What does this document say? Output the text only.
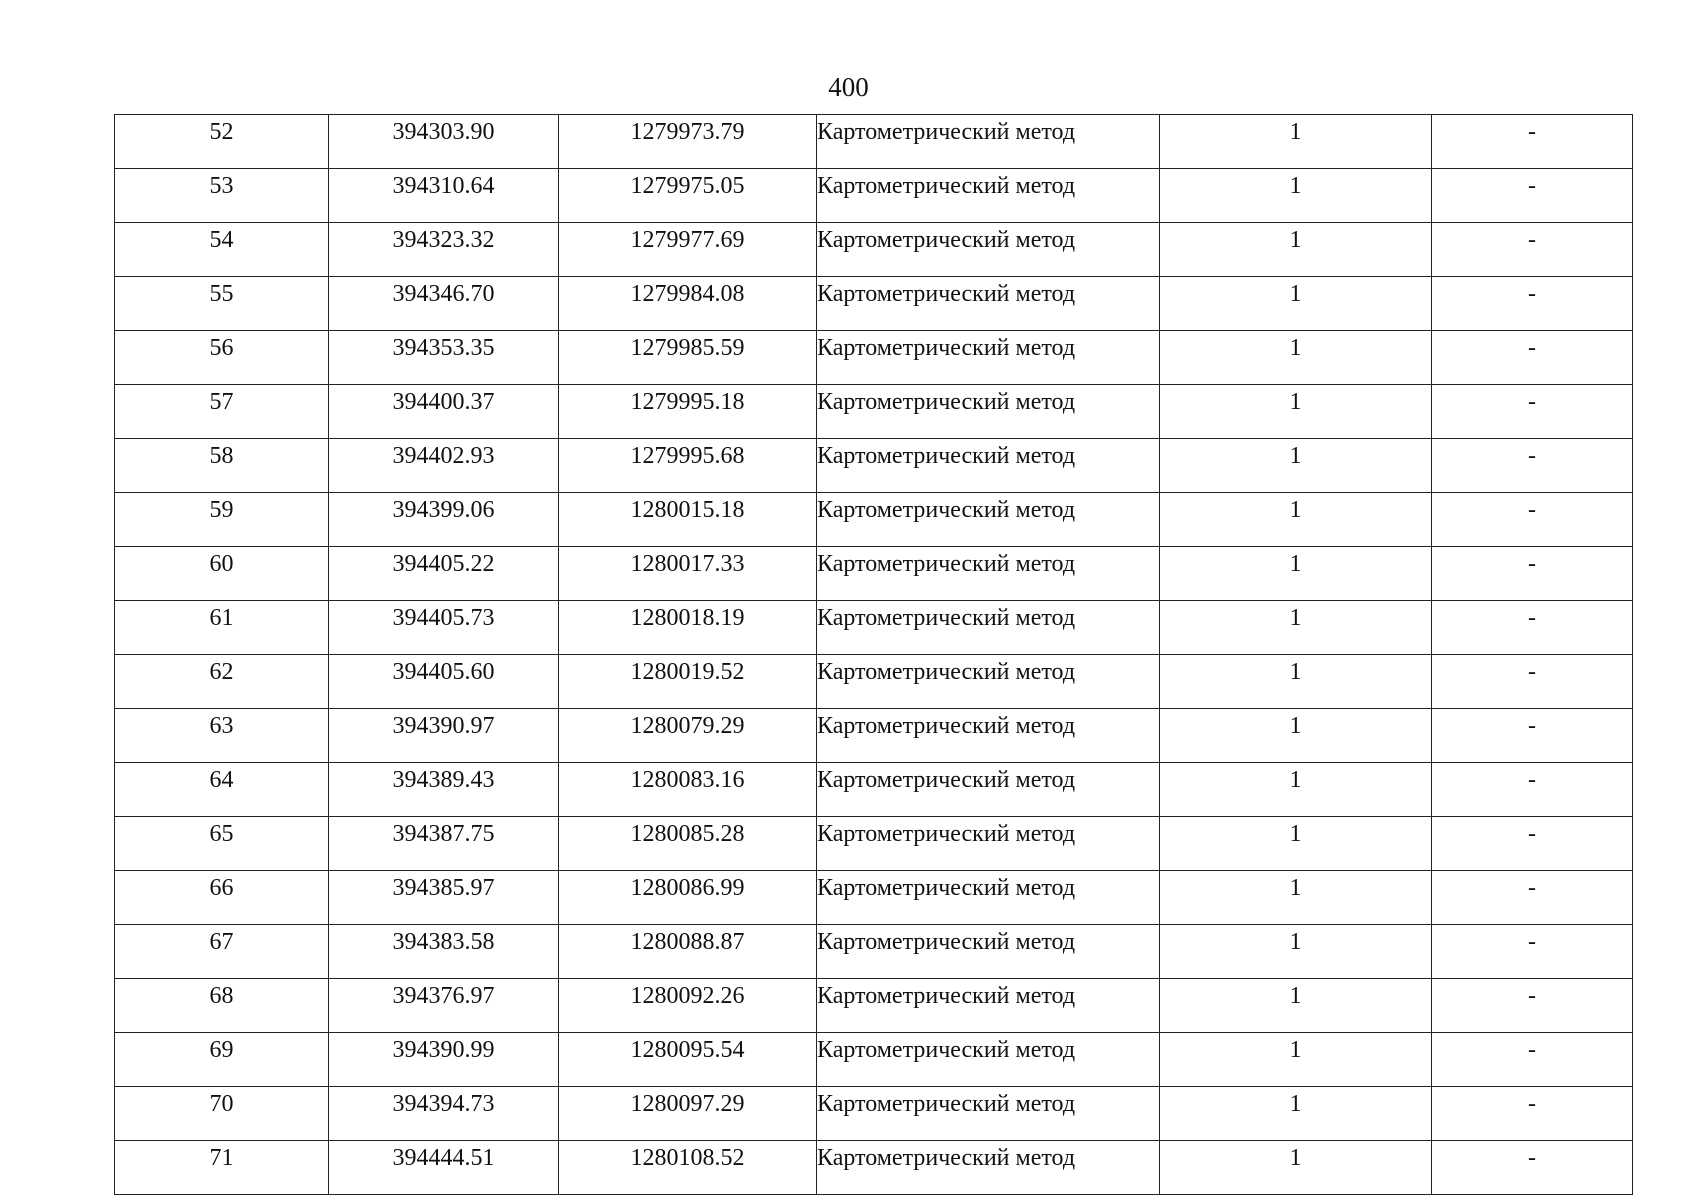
400
52	394303.90	1279973.79	Картометрический метод	1	-
53	394310.64	1279975.05	Картометрический метод	1	-
54	394323.32	1279977.69	Картометрический метод	1	-
55	394346.70	1279984.08	Картометрический метод	1	-
56	394353.35	1279985.59	Картометрический метод	1	-
57	394400.37	1279995.18	Картометрический метод	1	-
58	394402.93	1279995.68	Картометрический метод	1	-
59	394399.06	1280015.18	Картометрический метод	1	-
60	394405.22	1280017.33	Картометрический метод	1	-
61	394405.73	1280018.19	Картометрический метод	1	-
62	394405.60	1280019.52	Картометрический метод	1	-
63	394390.97	1280079.29	Картометрический метод	1	-
64	394389.43	1280083.16	Картометрический метод	1	-
65	394387.75	1280085.28	Картометрический метод	1	-
66	394385.97	1280086.99	Картометрический метод	1	-
67	394383.58	1280088.87	Картометрический метод	1	-
68	394376.97	1280092.26	Картометрический метод	1	-
69	394390.99	1280095.54	Картометрический метод	1	-
70	394394.73	1280097.29	Картометрический метод	1	-
71	394444.51	1280108.52	Картометрический метод	1	-
